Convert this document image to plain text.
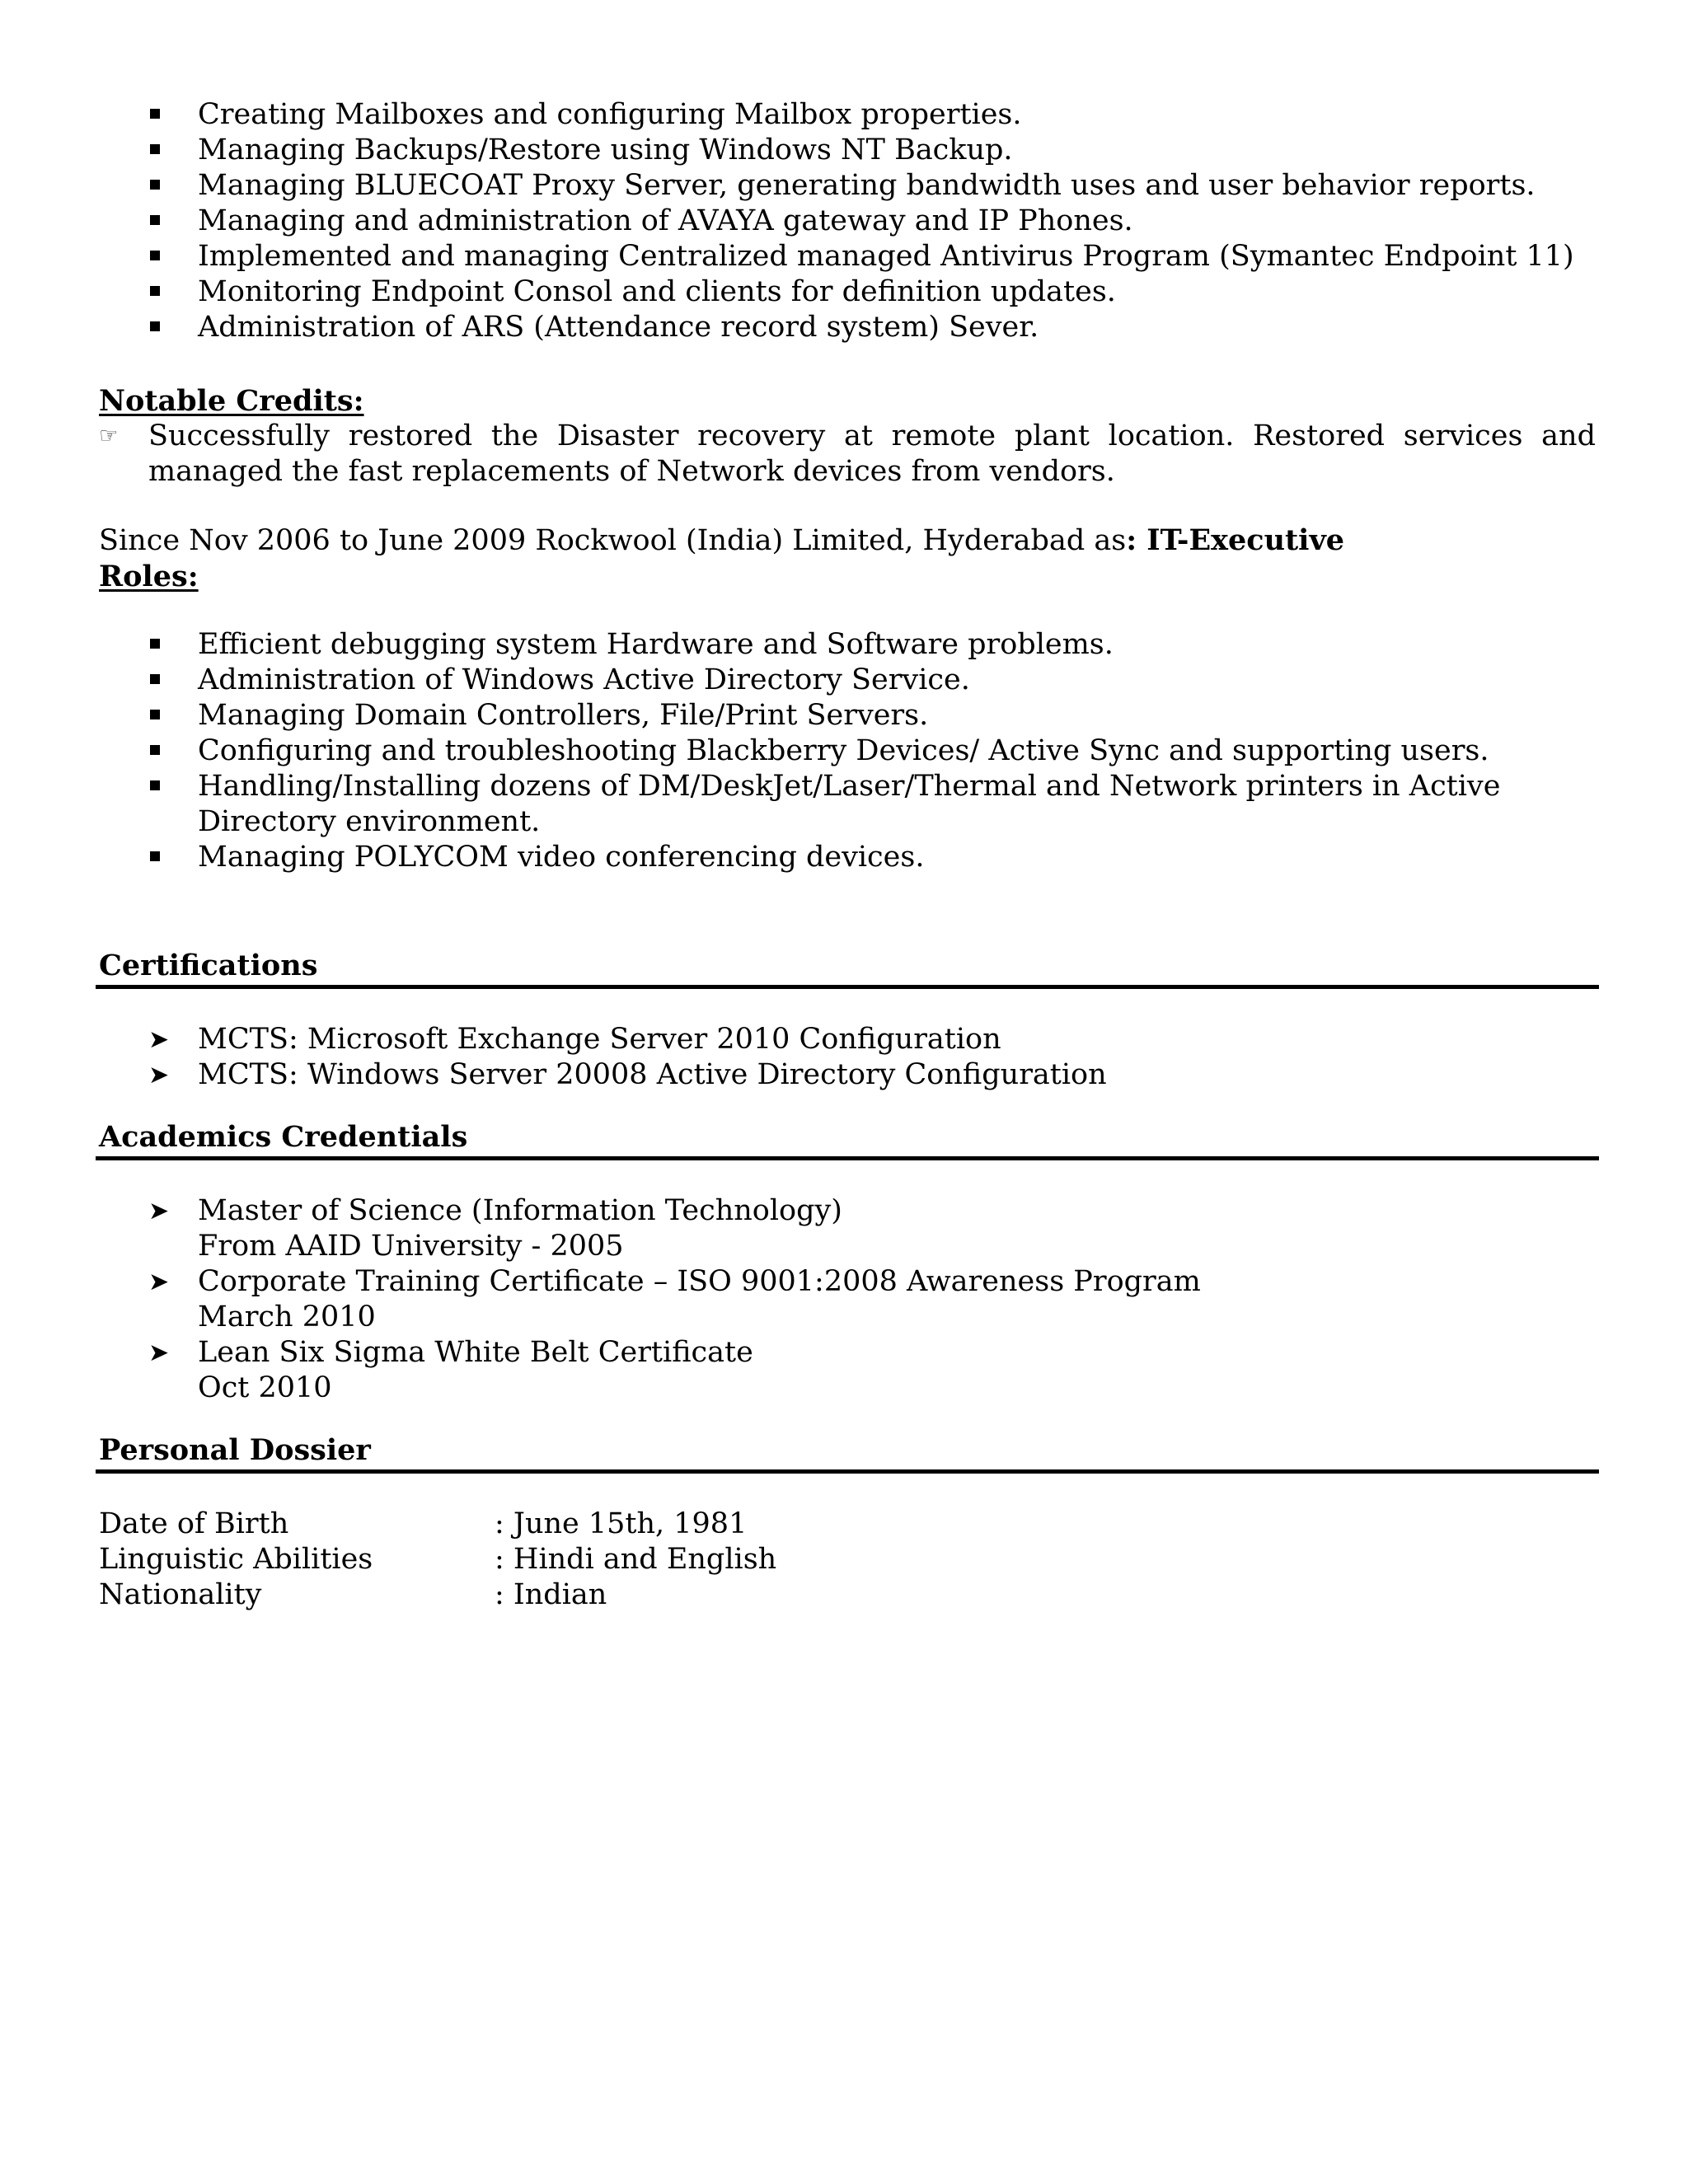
Creating Mailboxes and configuring Mailbox properties.
Managing Backups/Restore using Windows NT Backup.
Managing BLUECOAT Proxy Server, generating bandwidth uses and user behavior reports.
Managing and administration of AVAYA gateway and IP Phones.
Implemented and managing Centralized managed Antivirus Program (Symantec Endpoint 11)
Monitoring Endpoint Consol and clients for definition updates.
Administration of ARS (Attendance record system) Sever.
Notable Credits:
☞ Successfully restored the Disaster recovery at remote plant location. Restored services and managed the fast replacements of Network devices from vendors.
Since Nov 2006 to June 2009 Rockwool (India) Limited, Hyderabad as: IT-Executive
Roles:
Efficient debugging system Hardware and Software problems.
Administration of Windows Active Directory Service.
Managing Domain Controllers, File/Print Servers.
Configuring and troubleshooting Blackberry Devices/ Active Sync and supporting users.
Handling/Installing dozens of DM/DeskJet/Laser/Thermal and Network printers in Active Directory environment.
Managing POLYCOM video conferencing devices.
Certifications
➤ MCTS: Microsoft Exchange Server 2010 Configuration
➤ MCTS: Windows Server 20008 Active Directory Configuration
Academics Credentials
➤ Master of Science (Information Technology)
From AAID University - 2005
➤ Corporate Training Certificate – ISO 9001:2008 Awareness Program
March 2010
➤ Lean Six Sigma White Belt Certificate
Oct 2010
Personal Dossier
Date of Birth	: June 15th, 1981
Linguistic Abilities	: Hindi and English
Nationality	: Indian
